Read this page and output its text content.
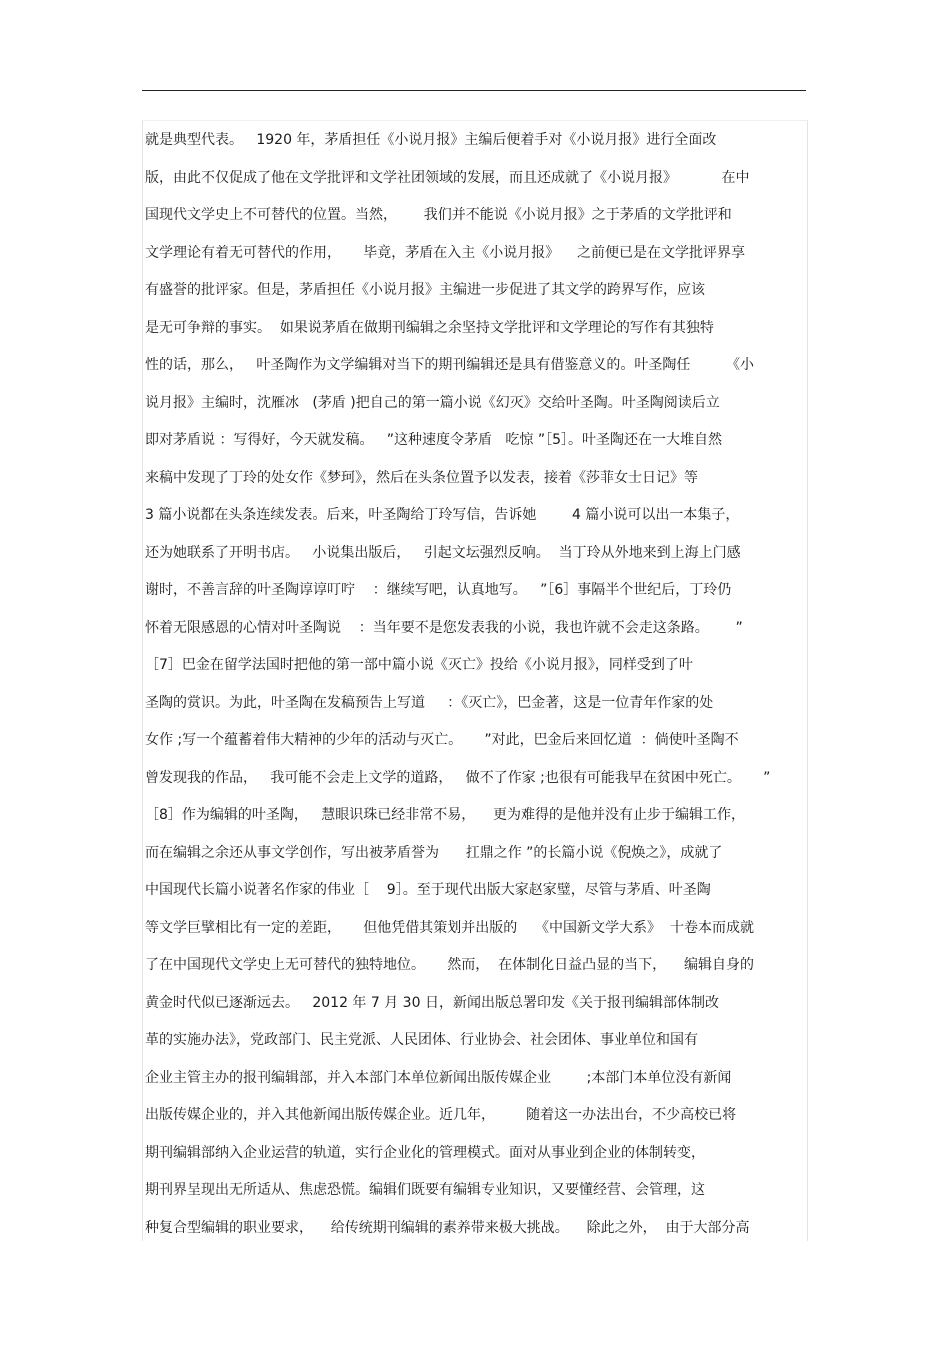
就是典型代表。   1920 年，茅盾担任《小说月报》主编后便着手对《小说月报》进行全面改
版，由此不仅促成了他在文学批评和文学社团领域的发展，而且还成就了《小说月报》          在中
国现代文学史上不可替代的位置。当然，      我们并不能说《小说月报》之于茅盾的文学批评和
文学理论有着无可替代的作用，     毕竟，茅盾在入主《小说月报》    之前便已是在文学批评界享
有盛誉的批评家。但是，茅盾担任《小说月报》主编进一步促进了其文学的跨界写作，应该
是无可争辩的事实。  如果说茅盾在做期刊编辑之余坚持文学批评和文学理论的写作有其独特
性的话，那么，   叶圣陶作为文学编辑对当下的期刊编辑还是具有借鉴意义的。叶圣陶任        《小
说月报》主编时，沈雁冰   (茅盾 )把自己的第一篇小说《幻灭》交给叶圣陶。叶圣陶阅读后立
即对茅盾说 ：写得好，今天就发稿。   ”这种速度令茅盾   吃惊 ”［5］。叶圣陶还在一大堆自然
来稿中发现了丁玲的处女作《梦珂》，然后在头条位置予以发表，接着《莎菲女士日记》等
3 篇小说都在头条连续发表。后来，叶圣陶给丁玲写信，告诉她        4 篇小说可以出一本集子，
还为她联系了开明书店。   小说集出版后，   引起文坛强烈反响。  当丁玲从外地来到上海上门感
谢时，不善言辞的叶圣陶谆谆叮咛    ：继续写吧，认真地写。   ”［6］事隔半个世纪后，丁玲仍
怀着无限感恩的心情对叶圣陶说    ：当年要不是您发表我的小说，我也许就不会走这条路。      ”
［7］巴金在留学法国时把他的第一部中篇小说《灭亡》投给《小说月报》，同样受到了叶
圣陶的赏识。为此，叶圣陶在发稿预告上写道     ：《灭亡》，巴金著，这是一位青年作家的处
女作 ;写一个蕴蓄着伟大精神的少年的活动与灭亡。     ”对此，巴金后来回忆道  ：倘使叶圣陶不
曾发现我的作品，   我可能不会走上文学的道路，   做不了作家 ;也很有可能我早在贫困中死亡。     ”
［8］作为编辑的叶圣陶，   慧眼识珠已经非常不易，    更为难得的是他并没有止步于编辑工作，
而在编辑之余还从事文学创作，写出被茅盾誉为      扛鼎之作 ”的长篇小说《倪焕之》，成就了
中国现代长篇小说著名作家的伟业［    9］。至于现代出版大家赵家璧，尽管与茅盾、叶圣陶
等文学巨擘相比有一定的差距，     但他凭借其策划并出版的    《中国新文学大系》  十卷本而成就
了在中国现代文学史上无可替代的独特地位。     然而，  在体制化日益凸显的当下，    编辑自身的
黄金时代似已逐渐远去。   2012 年 7 月 30 日，新闻出版总署印发《关于报刊编辑部体制改
革的实施办法》，党政部门、民主党派、人民团体、行业协会、社会团体、事业单位和国有
企业主管主办的报刊编辑部，并入本部门本单位新闻出版传媒企业        ;本部门本单位没有新闻
出版传媒企业的，并入其他新闻出版传媒企业。近几年，       随着这一办法出台，不少高校已将
期刊编辑部纳入企业运营的轨道，实行企业化的管理模式。面对从事业到企业的体制转变，
期刊界呈现出无所适从、焦虑恐慌。编辑们既要有编辑专业知识，又要懂经营、会管理，这
种复合型编辑的职业要求，    给传统期刊编辑的素养带来极大挑战。    除此之外，  由于大部分高
